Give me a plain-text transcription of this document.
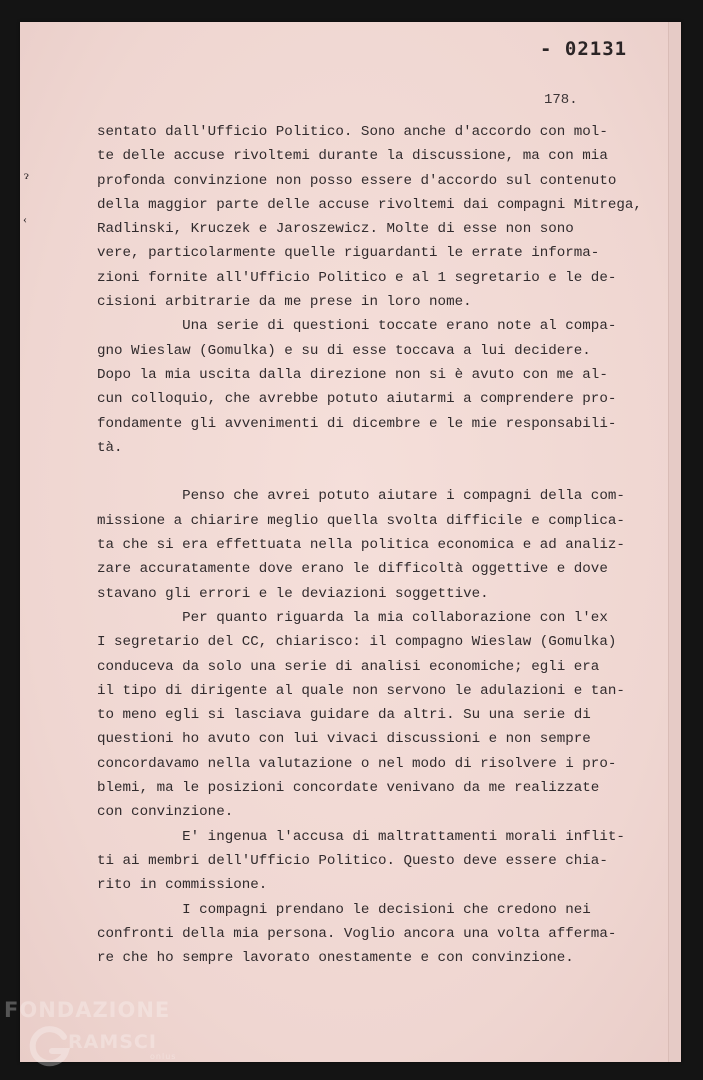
- 02131
178.
ɂ
‹
sentato dall'Ufficio Politico. Sono anche d'accordo con mol-
te delle accuse rivoltemi durante la discussione, ma con mia
profonda convinzione non posso essere d'accordo sul contenuto
della maggior parte delle accuse rivoltemi dai compagni Mitrega,
Radlinski, Kruczek e Jaroszewicz. Molte di esse non sono
vere, particolarmente quelle riguardanti le errate informa-
zioni fornite all'Ufficio Politico e al 1 segretario e le de-
cisioni arbitrarie da me prese in loro nome.
Una serie di questioni toccate erano note al compa-
gno Wieslaw (Gomulka) e su di esse toccava a lui decidere.
Dopo la mia uscita dalla direzione non si è avuto con me al-
cun colloquio, che avrebbe potuto aiutarmi a comprendere pro-
fondamente gli avvenimenti di dicembre e le mie responsabili-
tà.
Penso che avrei potuto aiutare i compagni della com-
missione a chiarire meglio quella svolta difficile e complica-
ta che si era effettuata nella politica economica e ad analiz-
zare accuratamente dove erano le difficoltà oggettive e dove
stavano gli errori e le deviazioni soggettive.
Per quanto riguarda la mia collaborazione con l'ex
I segretario del CC, chiarisco: il compagno Wieslaw (Gomulka)
conduceva da solo una serie di analisi economiche; egli era
il tipo di dirigente al quale non servono le adulazioni e tan-
to meno egli si lasciava guidare da altri. Su una serie di
questioni ho avuto con lui vivaci discussioni e non sempre
concordavamo nella valutazione o nel modo di risolvere i pro-
blemi, ma le posizioni concordate venivano da me realizzate
con convinzione.
E' ingenua l'accusa di maltrattamenti morali inflit-
ti ai membri dell'Ufficio Politico. Questo deve essere chia-
rito in commissione.
I compagni prendano le decisioni che credono nei
confronti della mia persona. Voglio ancora una volta afferma-
re che ho sempre lavorato onestamente e con convinzione.
FONDAZIONE
RAMSCI
onlus
